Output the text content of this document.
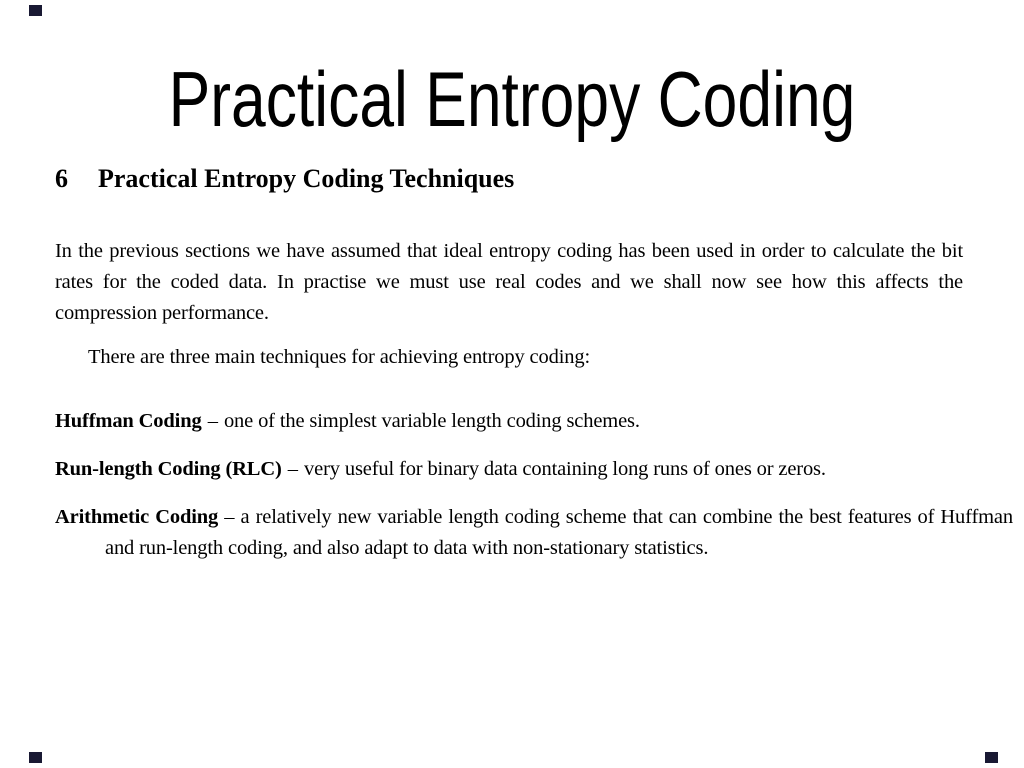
Practical Entropy Coding
6 Practical Entropy Coding Techniques
In the previous sections we have assumed that ideal entropy coding has been used in order to calculate the bit rates for the coded data. In practise we must use real codes and we shall now see how this affects the compression performance.
There are three main techniques for achieving entropy coding:
Huffman Coding – one of the simplest variable length coding schemes.
Run-length Coding (RLC) – very useful for binary data containing long runs of ones or zeros.
Arithmetic Coding – a relatively new variable length coding scheme that can combine the best features of Huffman and run-length coding, and also adapt to data with non-stationary statistics.
